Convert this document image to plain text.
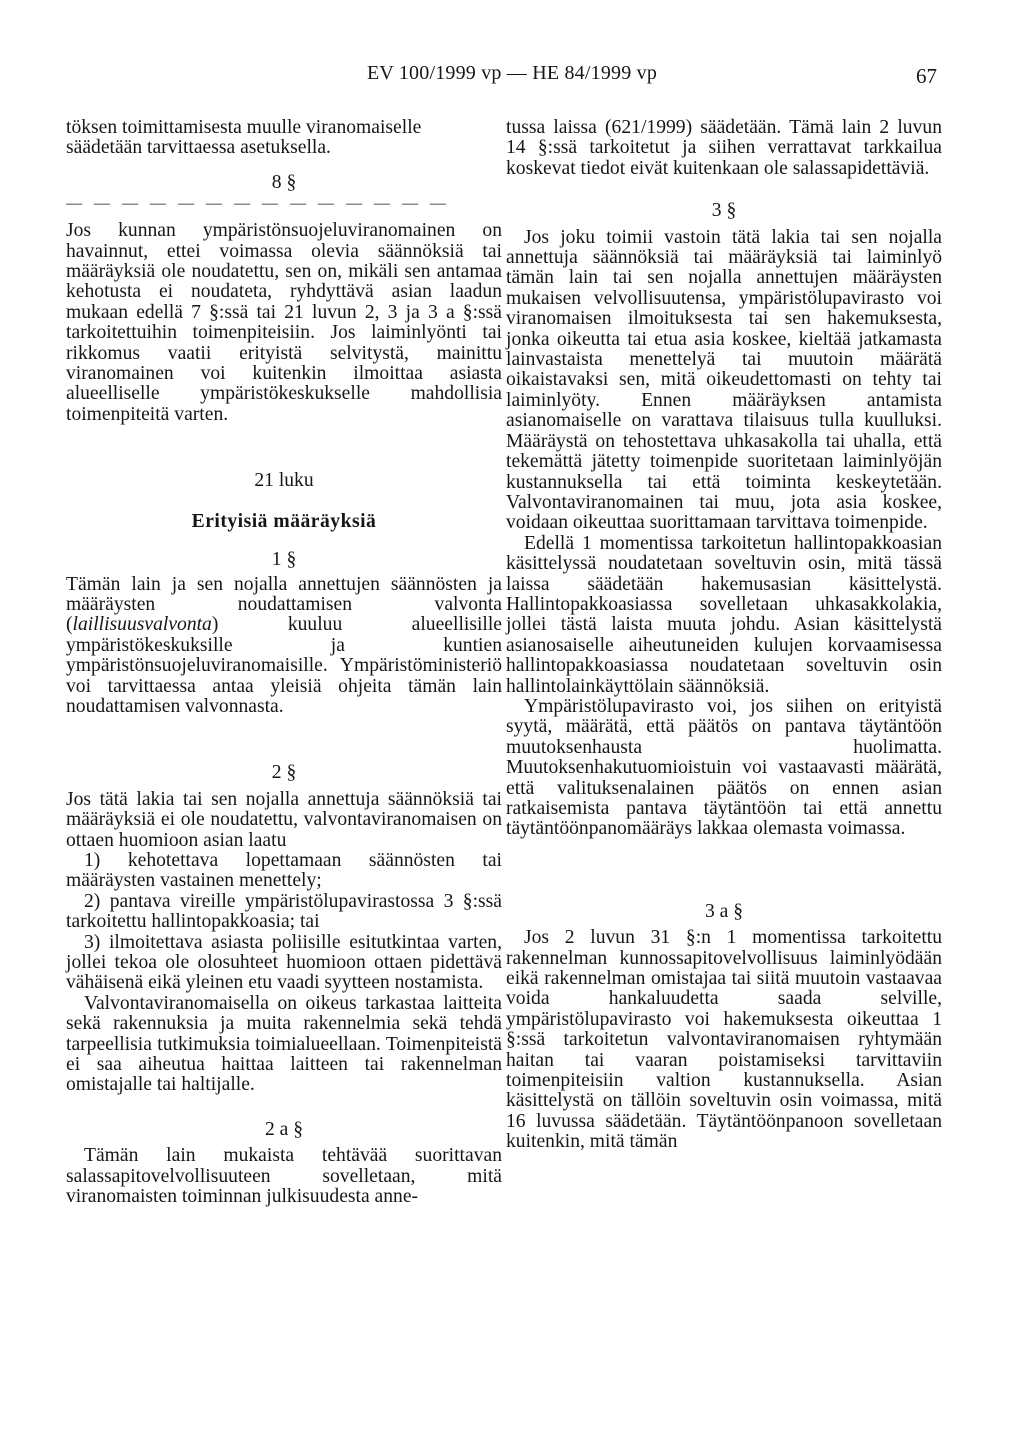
EV 100/1999 vp — HE 84/1999 vp	67

töksen toimittamisesta muulle viranomaiselle

säädetään tarvittaessa asetuksella.

8 §
— — — — — — — — — — — — — —

Jos kunnan ympäristönsuojeluviranomainen on havainnut, ettei voimassa olevia säännöksiä tai määräyksiä ole noudatettu, sen on, mikäli sen antamaa kehotusta ei noudateta, ryhdyttävä asian laadun mukaan edellä 7 §:ssä tai 21 luvun 2, 3 ja 3 a §:ssä tarkoitettuihin toimenpiteisiin. Jos laiminlyönti tai rikkomus vaatii erityistä selvitystä, mainittu viranomainen voi kuitenkin ilmoittaa asiasta alueelliselle ympäristökeskukselle mahdollisia toimenpiteitä varten.

21 luku
Erityisiä määräyksiä
1 §

Tämän lain ja sen nojalla annettujen säännösten ja määräysten noudattamisen valvonta (laillisuusvalvonta) kuuluu alueellisille ympäristökeskuksille ja kuntien ympäristönsuojeluviranomaisille. Ympäristöministeriö voi tarvittaessa antaa yleisiä ohjeita tämän lain noudattamisen valvonnasta.

2 §

Jos tätä lakia tai sen nojalla annettuja säännöksiä tai määräyksiä ei ole noudatettu, valvontaviranomaisen on ottaen huomioon asian laatu

1) kehotettava lopettamaan säännösten tai määräysten vastainen menettely;

2) pantava vireille ympäristölupavirastossa 3 §:ssä tarkoitettu hallintopakkoasia; tai

3) ilmoitettava asiasta poliisille esitutkintaa varten, jollei tekoa ole olosuhteet huomioon ottaen pidettävä vähäisenä eikä yleinen etu vaadi syytteen nostamista.

Valvontaviranomaisella on oikeus tarkastaa laitteita sekä rakennuksia ja muita rakennelmia sekä tehdä tarpeellisia tutkimuksia toimialueellaan. Toimenpiteistä ei saa aiheutua haittaa laitteen tai rakennelman omistajalle tai haltijalle.

2 a §

Tämän lain mukaista tehtävää suorittavan salassapitovelvollisuuteen sovelletaan, mitä viranomaisten toiminnan julkisuudesta anne-

tussa laissa (621/1999) säädetään. Tämä lain 2 luvun 14 §:ssä tarkoitetut ja siihen verrattavat tarkkailua koskevat tiedot eivät kuitenkaan ole salassapidettäviä.

3 §

Jos joku toimii vastoin tätä lakia tai sen nojalla annettuja säännöksiä tai määräyksiä tai laiminlyö tämän lain tai sen nojalla annettujen määräysten mukaisen velvollisuutensa, ympäristölupavirasto voi viranomaisen ilmoituksesta tai sen hakemuksesta, jonka oikeutta tai etua asia koskee, kieltää jatkamasta lainvastaista menettelyä tai muutoin määrätä oikaistavaksi sen, mitä oikeudettomasti on tehty tai laiminlyöty. Ennen määräyksen antamista asianomaiselle on varattava tilaisuus tulla kuulluksi. Määräystä on tehostettava uhkasakolla tai uhalla, että tekemättä jätetty toimenpide suoritetaan laiminlyöjän kustannuksella tai että toiminta keskeytetään. Valvontaviranomainen tai muu, jota asia koskee, voidaan oikeuttaa suorittamaan tarvittava toimenpide.

Edellä 1 momentissa tarkoitetun hallintopakkoasian käsittelyssä noudatetaan soveltuvin osin, mitä tässä laissa säädetään hakemusasian käsittelystä. Hallintopakkoasiassa sovelletaan uhkasakkolakia, jollei tästä laista muuta johdu. Asian käsittelystä asianosaiselle aiheutuneiden kulujen korvaamisessa hallintopakkoasiassa noudatetaan soveltuvin osin hallintolainkäyttölain säännöksiä.

Ympäristölupavirasto voi, jos siihen on erityistä syytä, määrätä, että päätös on pantava täytäntöön muutoksenhausta huolimatta. Muutoksenhakutuomioistuin voi vastaavasti määrätä, että valituksenalainen päätös on ennen asian ratkaisemista pantava täytäntöön tai että annettu täytäntöönpanomääräys lakkaa olemasta voimassa.

3 a §

Jos 2 luvun 31 §:n 1 momentissa tarkoitettu rakennelman kunnossapitovelvollisuus laiminlyödään eikä rakennelman omistajaa tai siitä muutoin vastaavaa voida hankaluudetta saada selville, ympäristölupavirasto voi hakemuksesta oikeuttaa 1 §:ssä tarkoitetun valvontaviranomaisen ryhtymään haitan tai vaaran poistamiseksi tarvittaviin toimenpiteisiin valtion kustannuksella. Asian käsittelystä on tällöin soveltuvin osin voimassa, mitä 16 luvussa säädetään. Täytäntöönpanoon sovelletaan kuitenkin, mitä tämän
